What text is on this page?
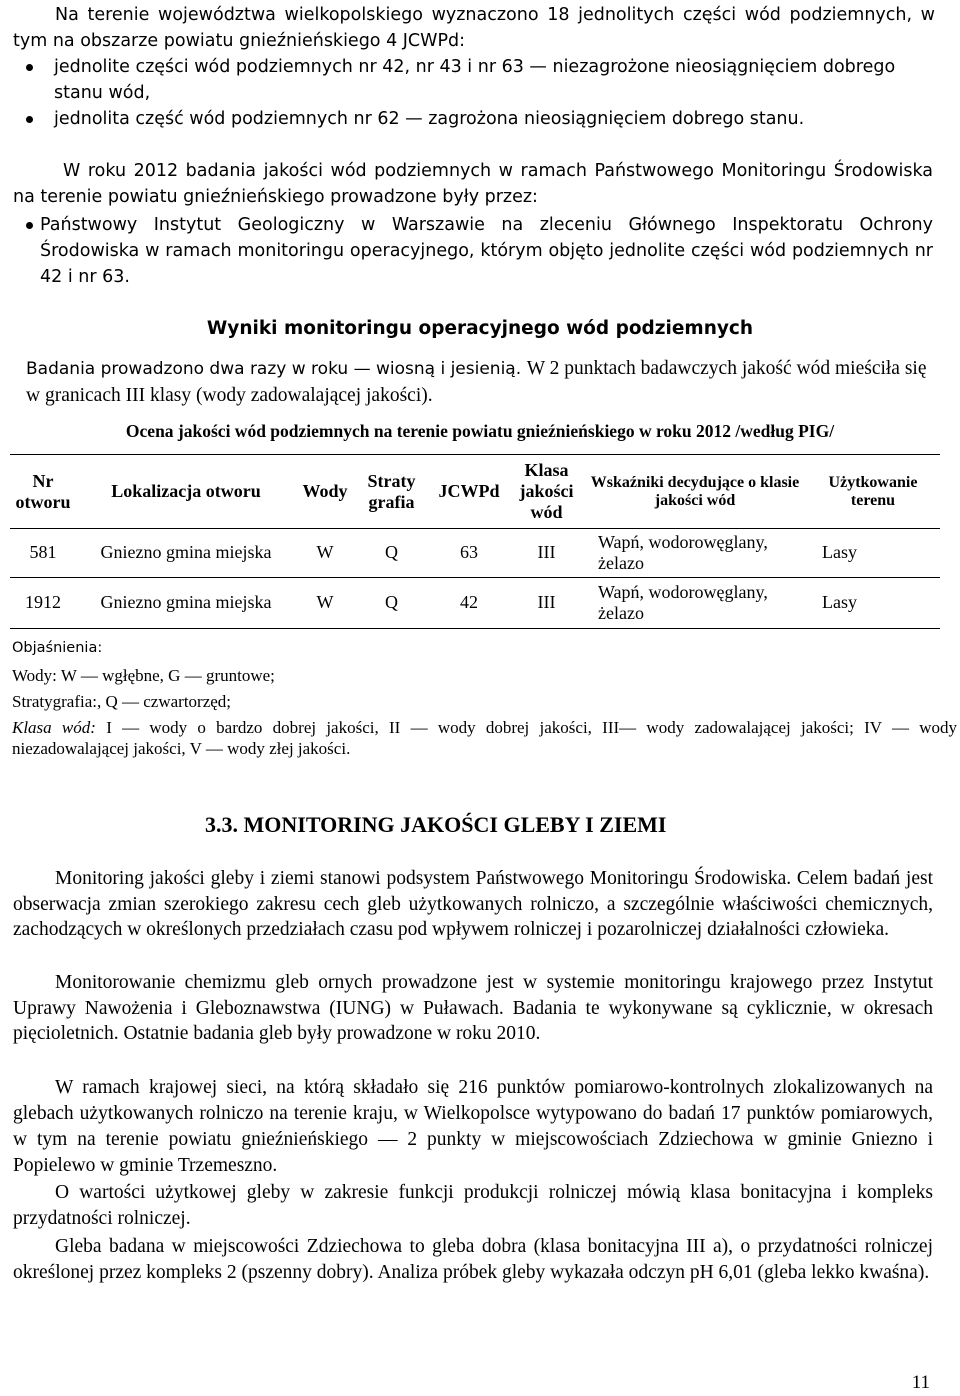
Na terenie województwa wielkopolskiego wyznaczono 18 jednolitych części wód podziemnych, w tym na obszarze powiatu gnieźnieńskiego 4 JCWPd:

jednolite części wód podziemnych nr 42, nr 43 i nr 63 — niezagrożone nieosiągnięciem dobrego stanu wód,

jednolita część wód podziemnych nr 62 — zagrożona nieosiągnięciem dobrego stanu.

W roku 2012 badania jakości wód podziemnych w ramach Państwowego Monitoringu Środowiska na terenie powiatu gnieźnieńskiego prowadzone były przez:

Państwowy Instytut Geologiczny w Warszawie na zleceniu Głównego Inspektoratu Ochrony Środowiska w ramach monitoringu operacyjnego, którym objęto jednolite części wód podziemnych nr 42 i nr 63.

Wyniki monitoringu operacyjnego wód podziemnych

Badania prowadzono dwa razy w roku — wiosną i jesienią. W 2 punktach badawczych jakość wód mieściła się w granicach III klasy (wody zadowalającej jakości).

Ocena jakości wód podziemnych na terenie powiatu gnieźnieńskiego w roku 2012 /według PIG/

Nr otworu	Lokalizacja otworu	Wody	Straty grafia	JCWPd	Klasa jakości wód	Wskaźniki decydujące o klasie jakości wód	Użytkowanie terenu
581	Gniezno gmina miejska	W	Q	63	III	Wapń, wodorowęglany, żelazo	Lasy
1912	Gniezno gmina miejska	W	Q	42	III	Wapń, wodorowęglany, żelazo	Lasy

Objaśnienia:

Wody: W — wgłębne, G — gruntowe;

Stratygrafia:, Q — czwartorzęd;

Klasa wód: I — wody o bardzo dobrej jakości, II — wody dobrej jakości, III— wody zadowalającej jakości; IV — wody niezadowalającej jakości, V — wody złej jakości.

3.3. MONITORING JAKOŚCI GLEBY I ZIEMI

Monitoring jakości gleby i ziemi stanowi podsystem Państwowego Monitoringu Środowiska. Celem badań jest obserwacja zmian szerokiego zakresu cech gleb użytkowanych rolniczo, a szczególnie właściwości chemicznych, zachodzących w określonych przedziałach czasu pod wpływem rolniczej i pozarolniczej działalności człowieka.

Monitorowanie chemizmu gleb ornych prowadzone jest w systemie monitoringu krajowego przez Instytut Uprawy Nawożenia i Gleboznawstwa (IUNG) w Puławach. Badania te wykonywane są cyklicznie, w okresach pięcioletnich. Ostatnie badania gleb były prowadzone w roku 2010.

W ramach krajowej sieci, na którą składało się 216 punktów pomiarowo-kontrolnych zlokalizowanych na glebach użytkowanych rolniczo na terenie kraju, w Wielkopolsce wytypowano do badań 17 punktów pomiarowych, w tym na terenie powiatu gnieźnieńskiego — 2 punkty w miejscowościach Zdziechowa w gminie Gniezno i Popielewo w gminie Trzemeszno.

O wartości użytkowej gleby w zakresie funkcji produkcji rolniczej mówią klasa bonitacyjna i kompleks przydatności rolniczej.

Gleba badana w miejscowości Zdziechowa to gleba dobra (klasa bonitacyjna III a), o przydatności rolniczej określonej przez kompleks 2 (pszenny dobry). Analiza próbek gleby wykazała odczyn pH 6,01 (gleba lekko kwaśna).

11
